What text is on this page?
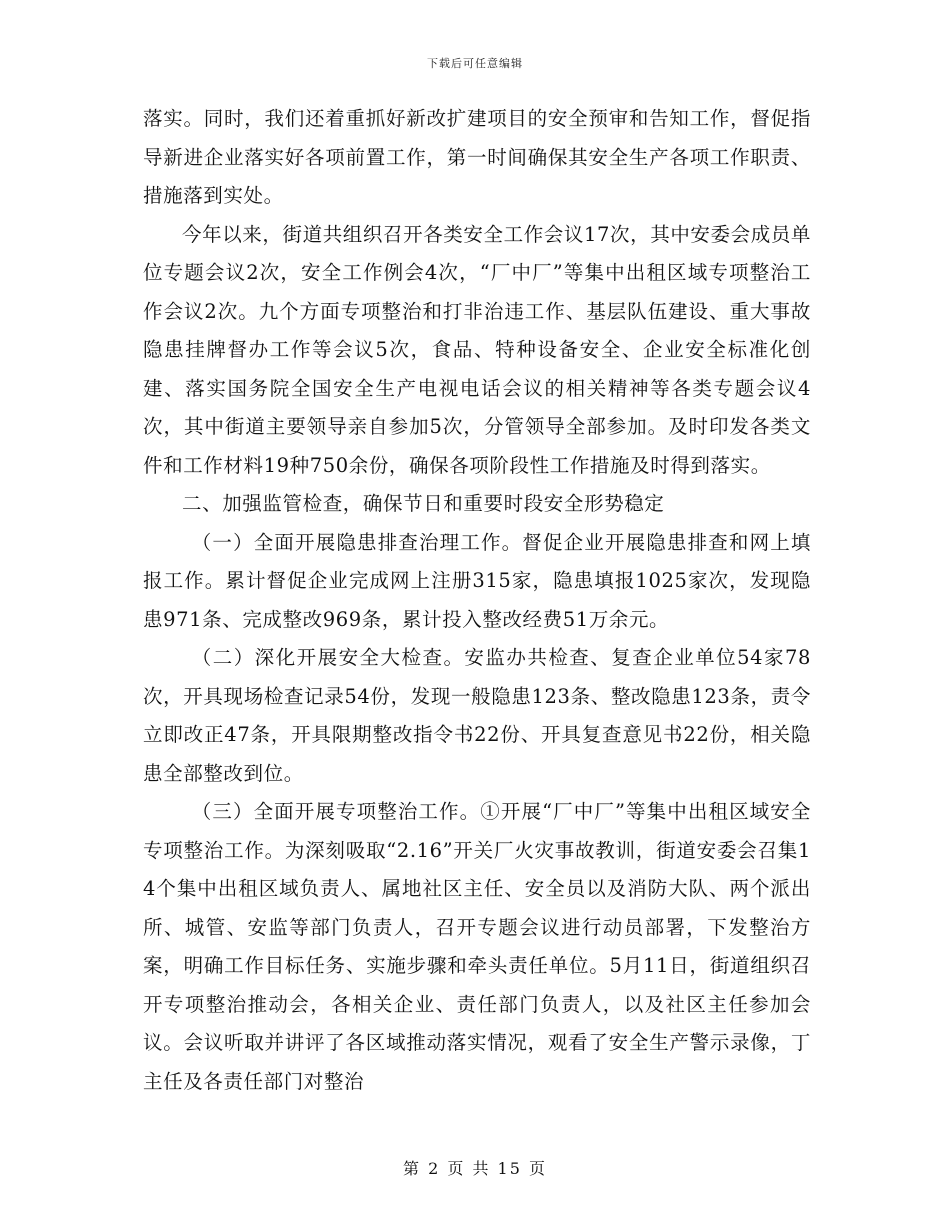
下载后可任意编辑

落实。同时，我们还着重抓好新改扩建项目的安全预审和告知工作，督促指导新进企业落实好各项前置工作，第一时间确保其安全生产各项工作职责、措施落到实处。

今年以来，街道共组织召开各类安全工作会议17次，其中安委会成员单位专题会议2次，安全工作例会4次，“厂中厂”等集中出租区域专项整治工作会议2次。九个方面专项整治和打非治违工作、基层队伍建设、重大事故隐患挂牌督办工作等会议5次，食品、特种设备安全、企业安全标准化创建、落实国务院全国安全生产电视电话会议的相关精神等各类专题会议4次，其中街道主要领导亲自参加5次，分管领导全部参加。及时印发各类文件和工作材料19种750余份，确保各项阶段性工作措施及时得到落实。

二、加强监管检查，确保节日和重要时段安全形势稳定

（一）全面开展隐患排查治理工作。督促企业开展隐患排查和网上填报工作。累计督促企业完成网上注册315家，隐患填报1025家次，发现隐患971条、完成整改969条，累计投入整改经费51万余元。

（二）深化开展安全大检查。安监办共检查、复查企业单位54家78次，开具现场检查记录54份，发现一般隐患123条、整改隐患123条，责令立即改正47条，开具限期整改指令书22份、开具复查意见书22份，相关隐患全部整改到位。

（三）全面开展专项整治工作。①开展“厂中厂”等集中出租区域安全专项整治工作。为深刻吸取“2.16”开关厂火灾事故教训，街道安委会召集14个集中出租区域负责人、属地社区主任、安全员以及消防大队、两个派出所、城管、安监等部门负责人，召开专题会议进行动员部署，下发整治方案，明确工作目标任务、实施步骤和牵头责任单位。5月11日，街道组织召开专项整治推动会，各相关企业、责任部门负责人，以及社区主任参加会议。会议听取并讲评了各区域推动落实情况，观看了安全生产警示录像，丁主任及各责任部门对整治

第 2 页 共 15 页
